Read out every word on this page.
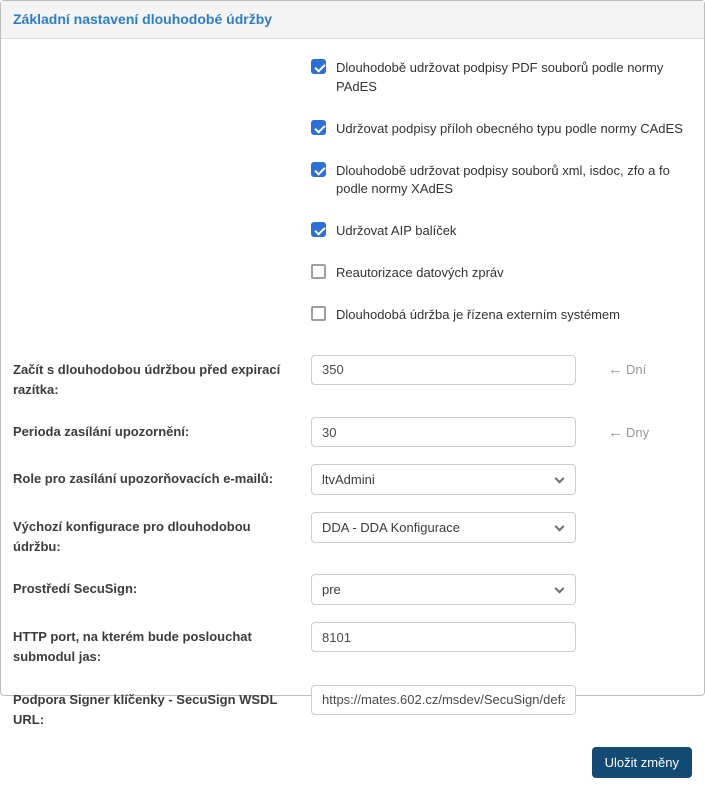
Základní nastavení dlouhodobé údržby
Dlouhodobě udržovat podpisy PDF souborů podle normy PAdES
Udržovat podpisy příloh obecného typu podle normy CAdES
Dlouhodobě udržovat podpisy souborů xml, isdoc, zfo a fo podle normy XAdES
Udržovat AIP balíček
Reautorizace datových zpráv
Dlouhodobá údržba je řízena externím systémem
Začít s dlouhodobou údržbou před expirací razítka:
350
← Dní
Perioda zasílání upozornění:
30	← Dny
Role pro zasílání upozorňovacích e-mailů:	ltvAdmini
Výchozí konfigurace pro dlouhodobou údržbu:
DDA - DDA Konfigurace
Prostředí SecuSign:	pre
HTTP port, na kterém bude poslouchat submodul jas:
8101
Podpora Signer klíčenky - SecuSign WSDL URL:
https://mates.602.cz/msdev/SecuSign/defa
Uložit změny
